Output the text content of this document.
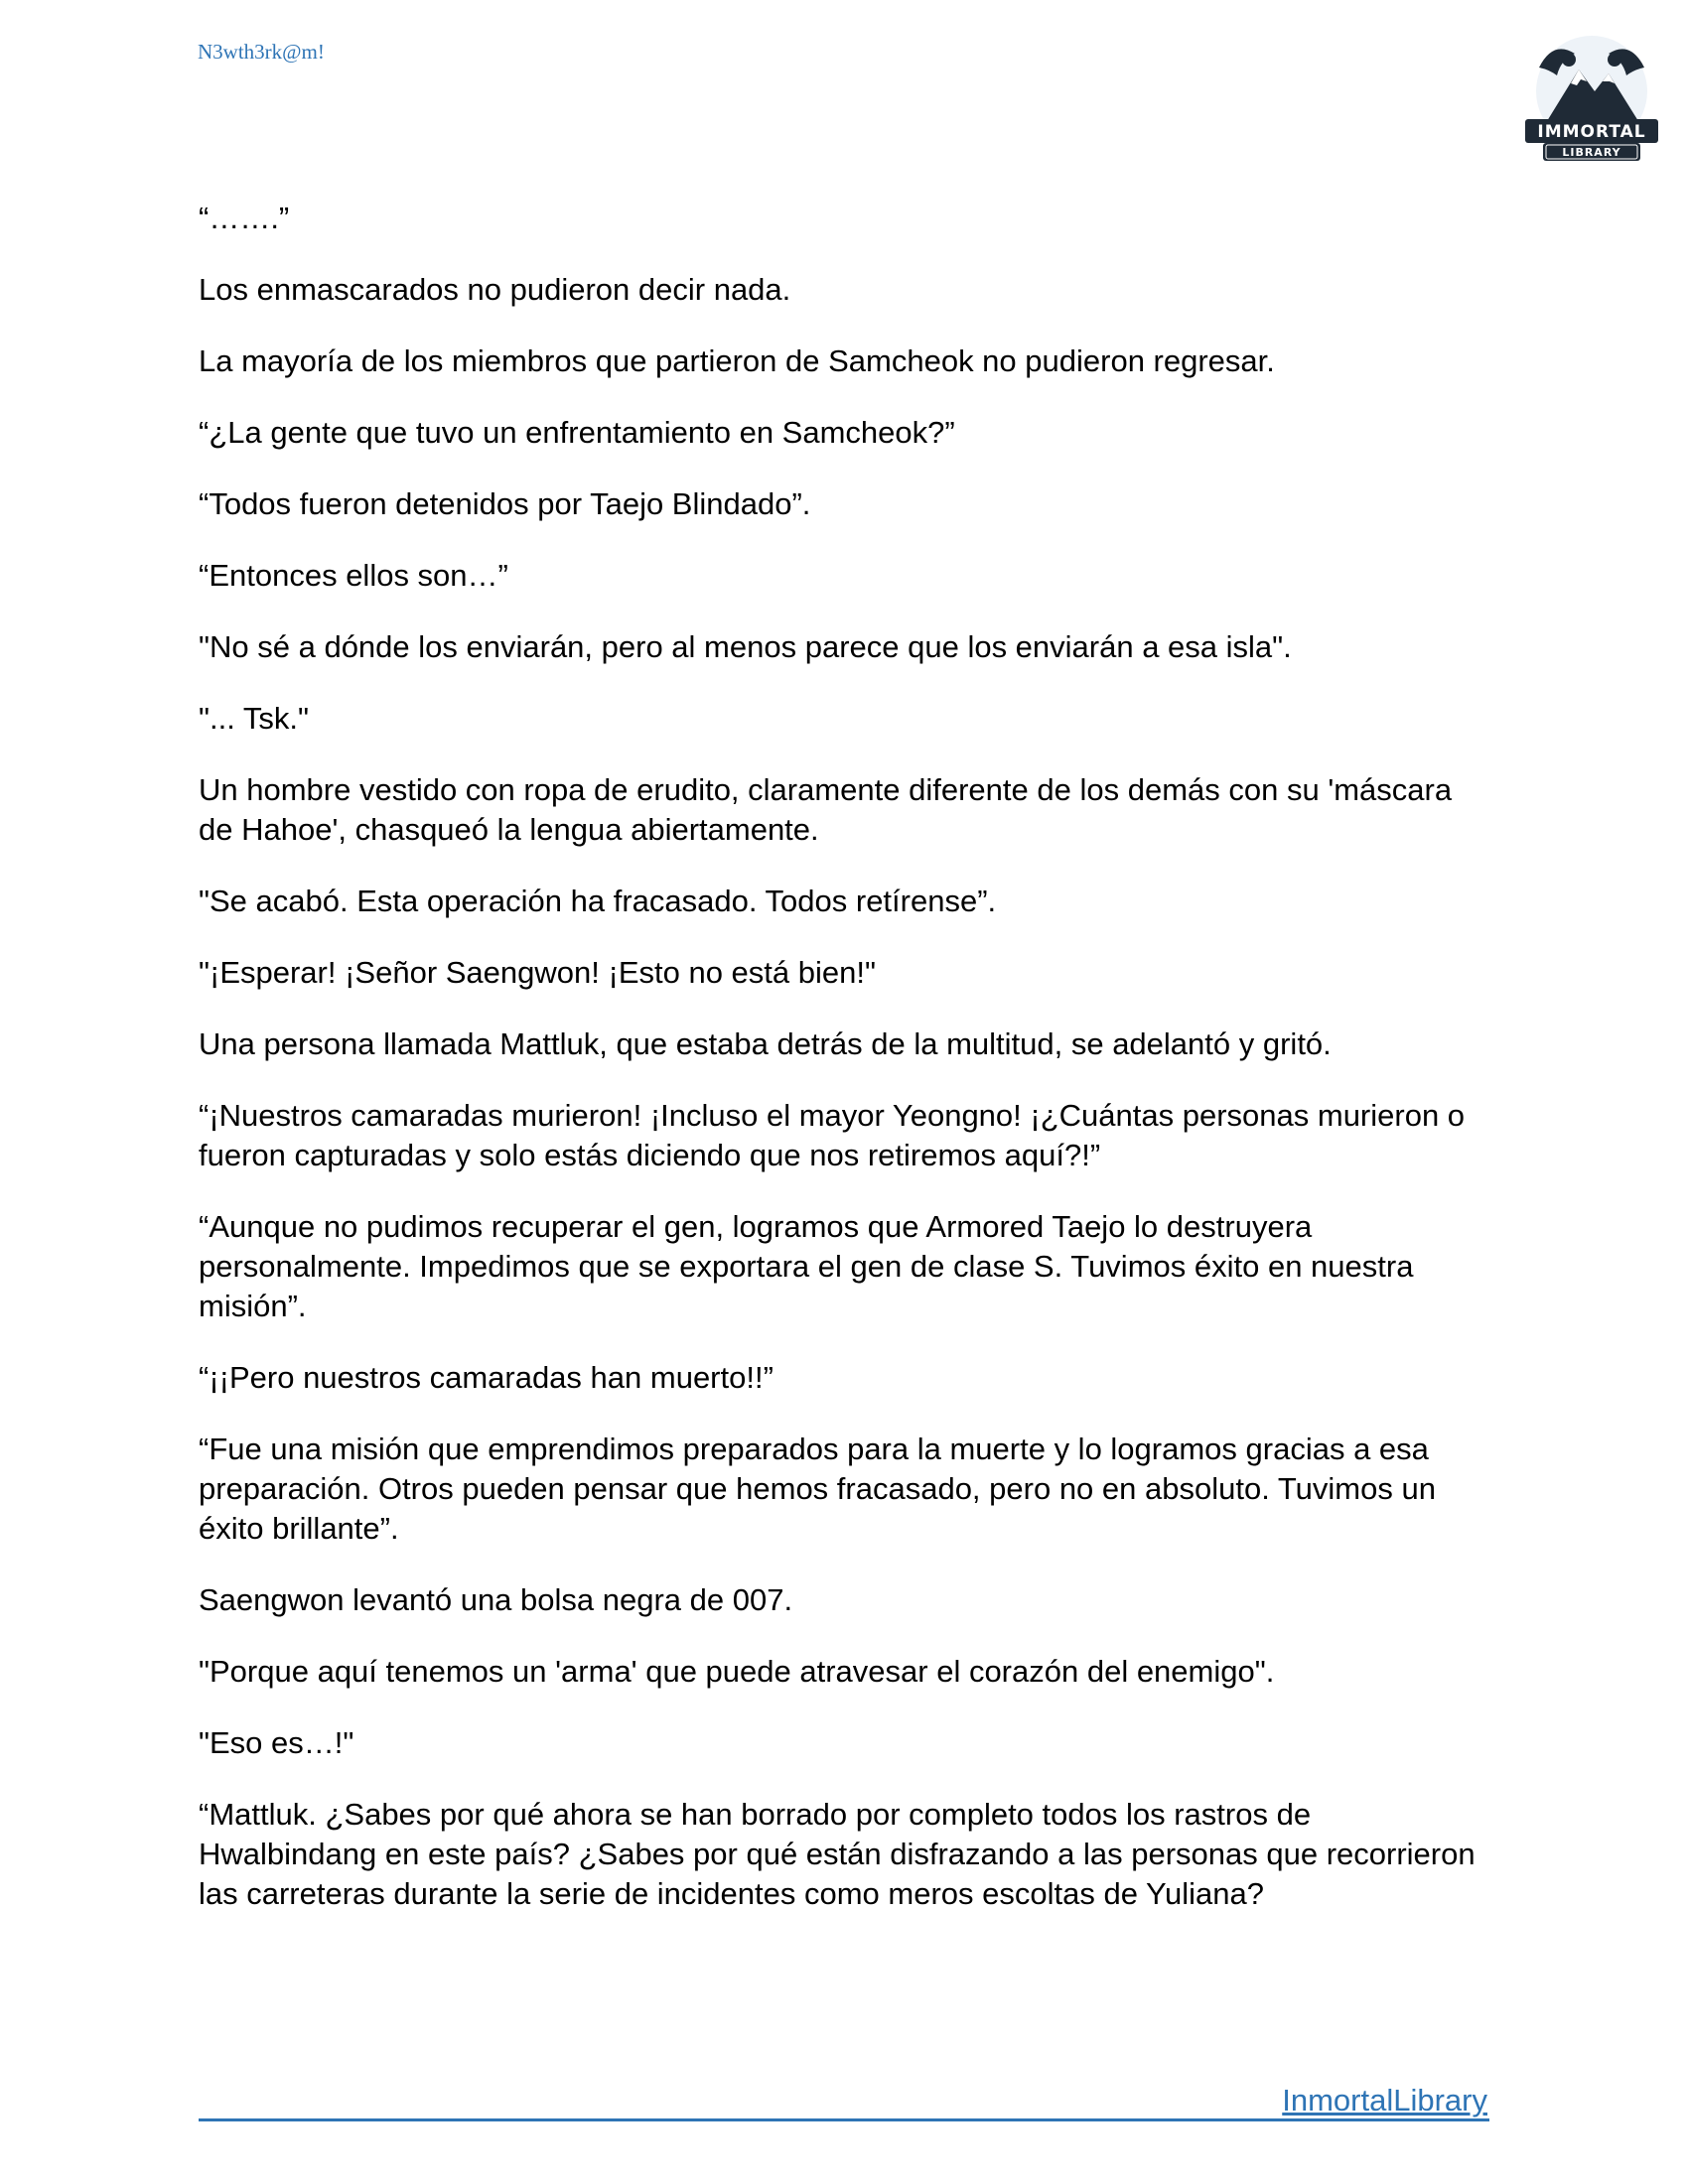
N3wth3rk@m!
IMMORTAL
LIBRARY

“…….”

Los enmascarados no pudieron decir nada.

La mayoría de los miembros que partieron de Samcheok no pudieron regresar.

“¿La gente que tuvo un enfrentamiento en Samcheok?”

“Todos fueron detenidos por Taejo Blindado”.

“Entonces ellos son…”

"No sé a dónde los enviarán, pero al menos parece que los enviarán a esa isla".

"... Tsk."

Un hombre vestido con ropa de erudito, claramente diferente de los demás con su 'máscara de Hahoe', chasqueó la lengua abiertamente.

"Se acabó. Esta operación ha fracasado. Todos retírense”.

"¡Esperar! ¡Señor Saengwon! ¡Esto no está bien!"

Una persona llamada Mattluk, que estaba detrás de la multitud, se adelantó y gritó.

“¡Nuestros camaradas murieron! ¡Incluso el mayor Yeongno! ¡¿Cuántas personas murieron o fueron capturadas y solo estás diciendo que nos retiremos aquí?!”

“Aunque no pudimos recuperar el gen, logramos que Armored Taejo lo destruyera personalmente. Impedimos que se exportara el gen de clase S. Tuvimos éxito en nuestra misión”.

“¡¡Pero nuestros camaradas han muerto!!”

“Fue una misión que emprendimos preparados para la muerte y lo logramos gracias a esa preparación. Otros pueden pensar que hemos fracasado, pero no en absoluto. Tuvimos un éxito brillante”.

Saengwon levantó una bolsa negra de 007.

"Porque aquí tenemos un 'arma' que puede atravesar el corazón del enemigo".

"Eso es…!"

“Mattluk. ¿Sabes por qué ahora se han borrado por completo todos los rastros de Hwalbindang en este país? ¿Sabes por qué están disfrazando a las personas que recorrieron las carreteras durante la serie de incidentes como meros escoltas de Yuliana?

InmortalLibrary
